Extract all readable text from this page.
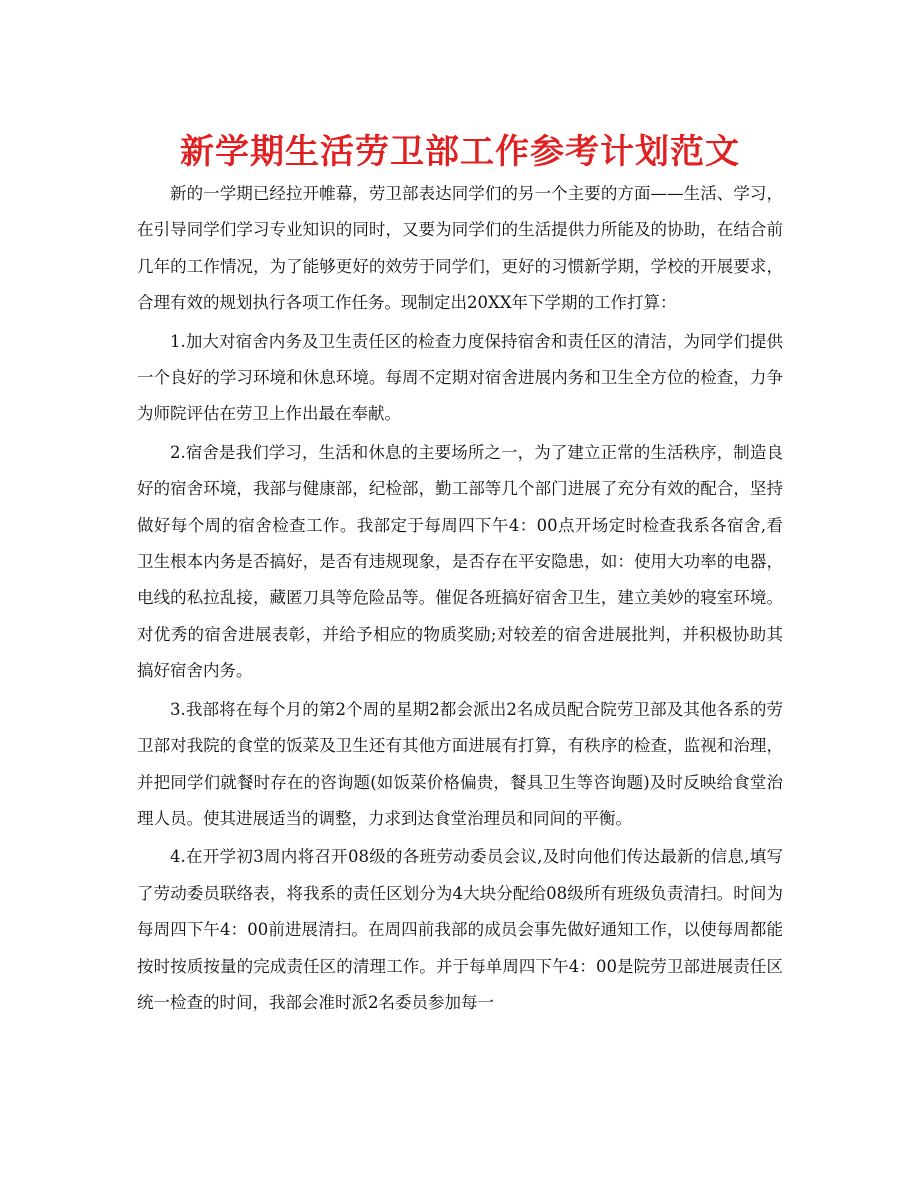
新学期生活劳卫部工作参考计划范文

新的一学期已经拉开帷幕，劳卫部表达同学们的另一个主要的方面——生活、学习，在引导同学们学习专业知识的同时，又要为同学们的生活提供力所能及的协助，在结合前几年的工作情况，为了能够更好的效劳于同学们，更好的习惯新学期，学校的开展要求，合理有效的规划执行各项工作任务。现制定出20XX年下学期的工作打算：

1.加大对宿舍内务及卫生责任区的检查力度保持宿舍和责任区的清洁，为同学们提供一个良好的学习环境和休息环境。每周不定期对宿舍进展内务和卫生全方位的检查，力争为师院评估在劳卫上作出最在奉献。

2.宿舍是我们学习，生活和休息的主要场所之一，为了建立正常的生活秩序，制造良好的宿舍环境，我部与健康部，纪检部，勤工部等几个部门进展了充分有效的配合，坚持做好每个周的宿舍检查工作。我部定于每周四下午4：00点开场定时检查我系各宿舍,看卫生根本内务是否搞好，是否有违规现象，是否存在平安隐患，如：使用大功率的电器，电线的私拉乱接，藏匿刀具等危险品等。催促各班搞好宿舍卫生，建立美妙的寝室环境。对优秀的宿舍进展表彰，并给予相应的物质奖励;对较差的宿舍进展批判，并积极协助其搞好宿舍内务。

3.我部将在每个月的第2个周的星期2都会派出2名成员配合院劳卫部及其他各系的劳卫部对我院的食堂的饭菜及卫生还有其他方面进展有打算，有秩序的检查，监视和治理，并把同学们就餐时存在的咨询题(如饭菜价格偏贵，餐具卫生等咨询题)及时反映给食堂治理人员。使其进展适当的调整，力求到达食堂治理员和同间的平衡。

4.在开学初3周内将召开08级的各班劳动委员会议,及时向他们传达最新的信息,填写了劳动委员联络表，将我系的责任区划分为4大块分配给08级所有班级负责清扫。时间为每周四下午4：00前进展清扫。在周四前我部的成员会事先做好通知工作，以使每周都能按时按质按量的完成责任区的清理工作。并于每单周四下午4：00是院劳卫部进展责任区统一检查的时间，我部会准时派2名委员参加每一
